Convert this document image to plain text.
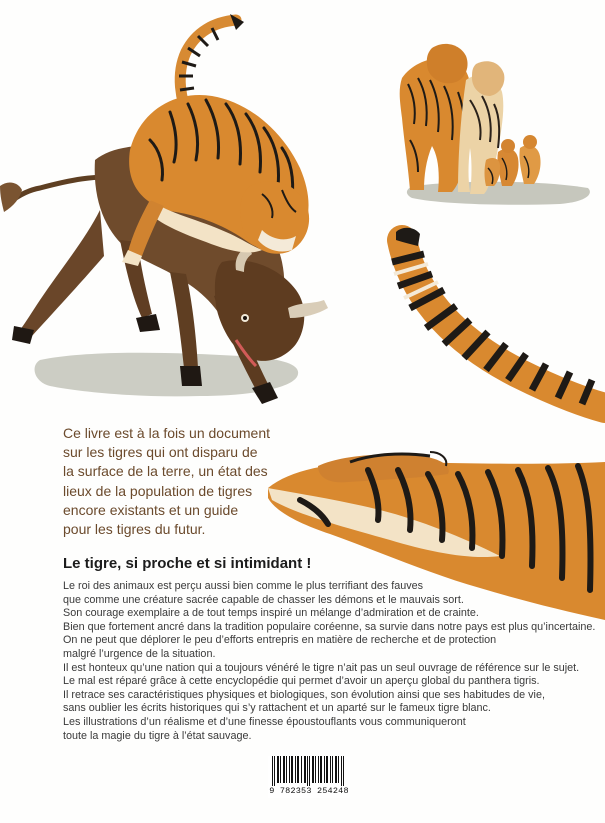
Ce livre est à la fois un document
sur les tigres qui ont disparu de
la surface de la terre, un état des
lieux de la population de tigres
encore existants et un guide
pour les tigres du futur.

Le tigre, si proche et si intimidant !

Le roi des animaux est perçu aussi bien comme le plus terrifiant des fauves
que comme une créature sacrée capable de chasser les démons et le mauvais sort.
Son courage exemplaire a de tout temps inspiré un mélange d’admiration et de crainte.
Bien que fortement ancré dans la tradition populaire coréenne, sa survie dans notre pays est plus qu’incertaine.
On ne peut que déplorer le peu d’efforts entrepris en matière de recherche et de protection
malgré l’urgence de la situation.
Il est honteux qu’une nation qui a toujours vénéré le tigre n’ait pas un seul ouvrage de référence sur le sujet.
Le mal est réparé grâce à cette encyclopédie qui permet d’avoir un aperçu global du panthera tigris.
Il retrace ses caractéristiques physiques et biologiques, son évolution ainsi que ses habitudes de vie,
sans oublier les écrits historiques qui s’y rattachent et un aparté sur le fameux tigre blanc.
Les illustrations d’un réalisme et d’une finesse époustouflants vous communiqueront
toute la magie du tigre à l’état sauvage.

9 782353 254248
